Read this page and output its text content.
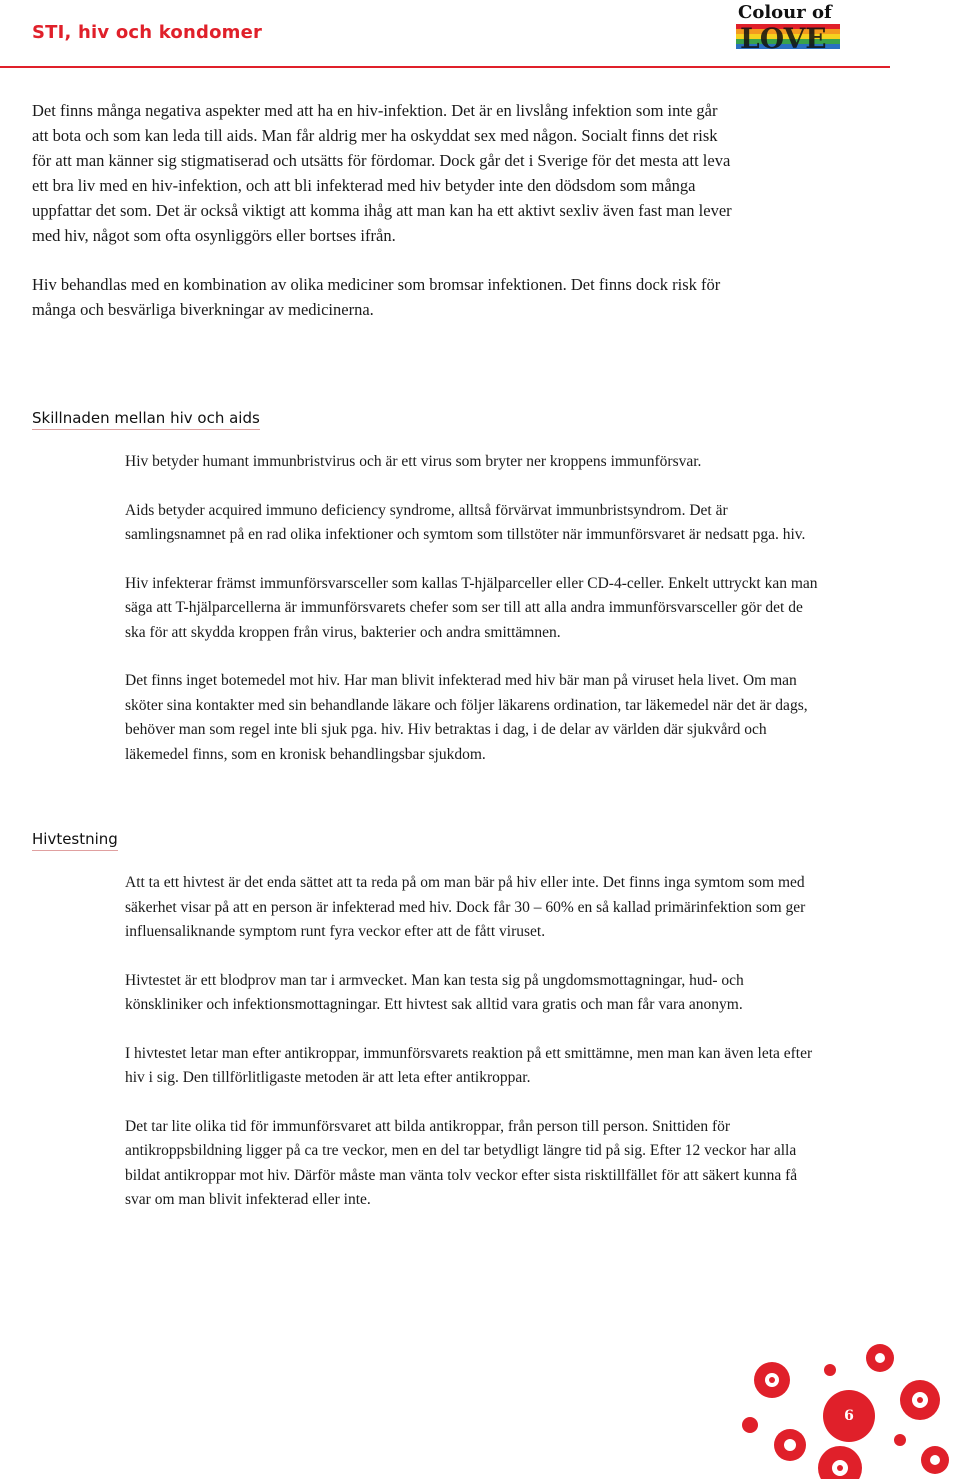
STI, hiv och kondomer
Colour of
LOVE

Det finns många negativa aspekter med att ha en hiv-infektion. Det är en livslång infektion som inte går att bota och som kan leda till aids. Man får aldrig mer ha oskyddat sex med någon. Socialt finns det risk för att man känner sig stigmatiserad och utsätts för fördomar. Dock går det i Sverige för det mesta att leva ett bra liv med en hiv-infektion, och att bli infekterad med hiv betyder inte den dödsdom som många uppfattar det som. Det är också viktigt att komma ihåg att man kan ha ett aktivt sexliv även fast man lever med hiv, något som ofta osynliggörs eller bortses ifrån.

Hiv behandlas med en kombination av olika mediciner som bromsar infektionen. Det finns dock risk för många och besvärliga biverkningar av medicinerna.

Skillnaden mellan hiv och aids

Hiv betyder humant immunbristvirus och är ett virus som bryter ner kroppens immunförsvar.

Aids betyder acquired immuno deficiency syndrome, alltså förvärvat immunbristsyndrom. Det är samlingsnamnet på en rad olika infektioner och symtom som tillstöter när immunförsvaret är nedsatt pga. hiv.

Hiv infekterar främst immunförsvarsceller som kallas T-hjälparceller eller CD-4-celler. Enkelt uttryckt kan man säga att T-hjälparcellerna är immunförsvarets chefer som ser till att alla andra immunförsvarsceller gör det de ska för att skydda kroppen från virus, bakterier och andra smittämnen.

Det finns inget botemedel mot hiv. Har man blivit infekterad med hiv bär man på viruset hela livet. Om man sköter sina kontakter med sin behandlande läkare och följer läkarens ordination, tar läkemedel när det är dags, behöver man som regel inte bli sjuk pga. hiv. Hiv betraktas i dag, i de delar av världen där sjukvård och läkemedel finns, som en kronisk behandlingsbar sjukdom.

Hivtestning

Att ta ett hivtest är det enda sättet att ta reda på om man bär på hiv eller inte. Det finns inga symtom som med säkerhet visar på att en person är infekterad med hiv. Dock får 30 – 60% en så kallad primärinfektion som ger influensaliknande symptom runt fyra veckor efter att de fått viruset.

Hivtestet är ett blodprov man tar i armvecket. Man kan testa sig på ungdomsmottagningar, hud- och könskliniker och infektionsmottagningar. Ett hivtest sak alltid vara gratis och man får vara anonym.

I hivtestet letar man efter antikroppar, immunförsvarets reaktion på ett smittämne, men man kan även leta efter hiv i sig. Den tillförlitligaste metoden är att leta efter antikroppar.

Det tar lite olika tid för immunförsvaret att bilda antikroppar, från person till person. Snittiden för antikroppsbildning ligger på ca tre veckor, men en del tar betydligt längre tid på sig. Efter 12 veckor har alla bildat antikroppar mot hiv. Därför måste man vänta tolv veckor efter sista risktillfället för att säkert kunna få svar om man blivit infekterad eller inte.

6
